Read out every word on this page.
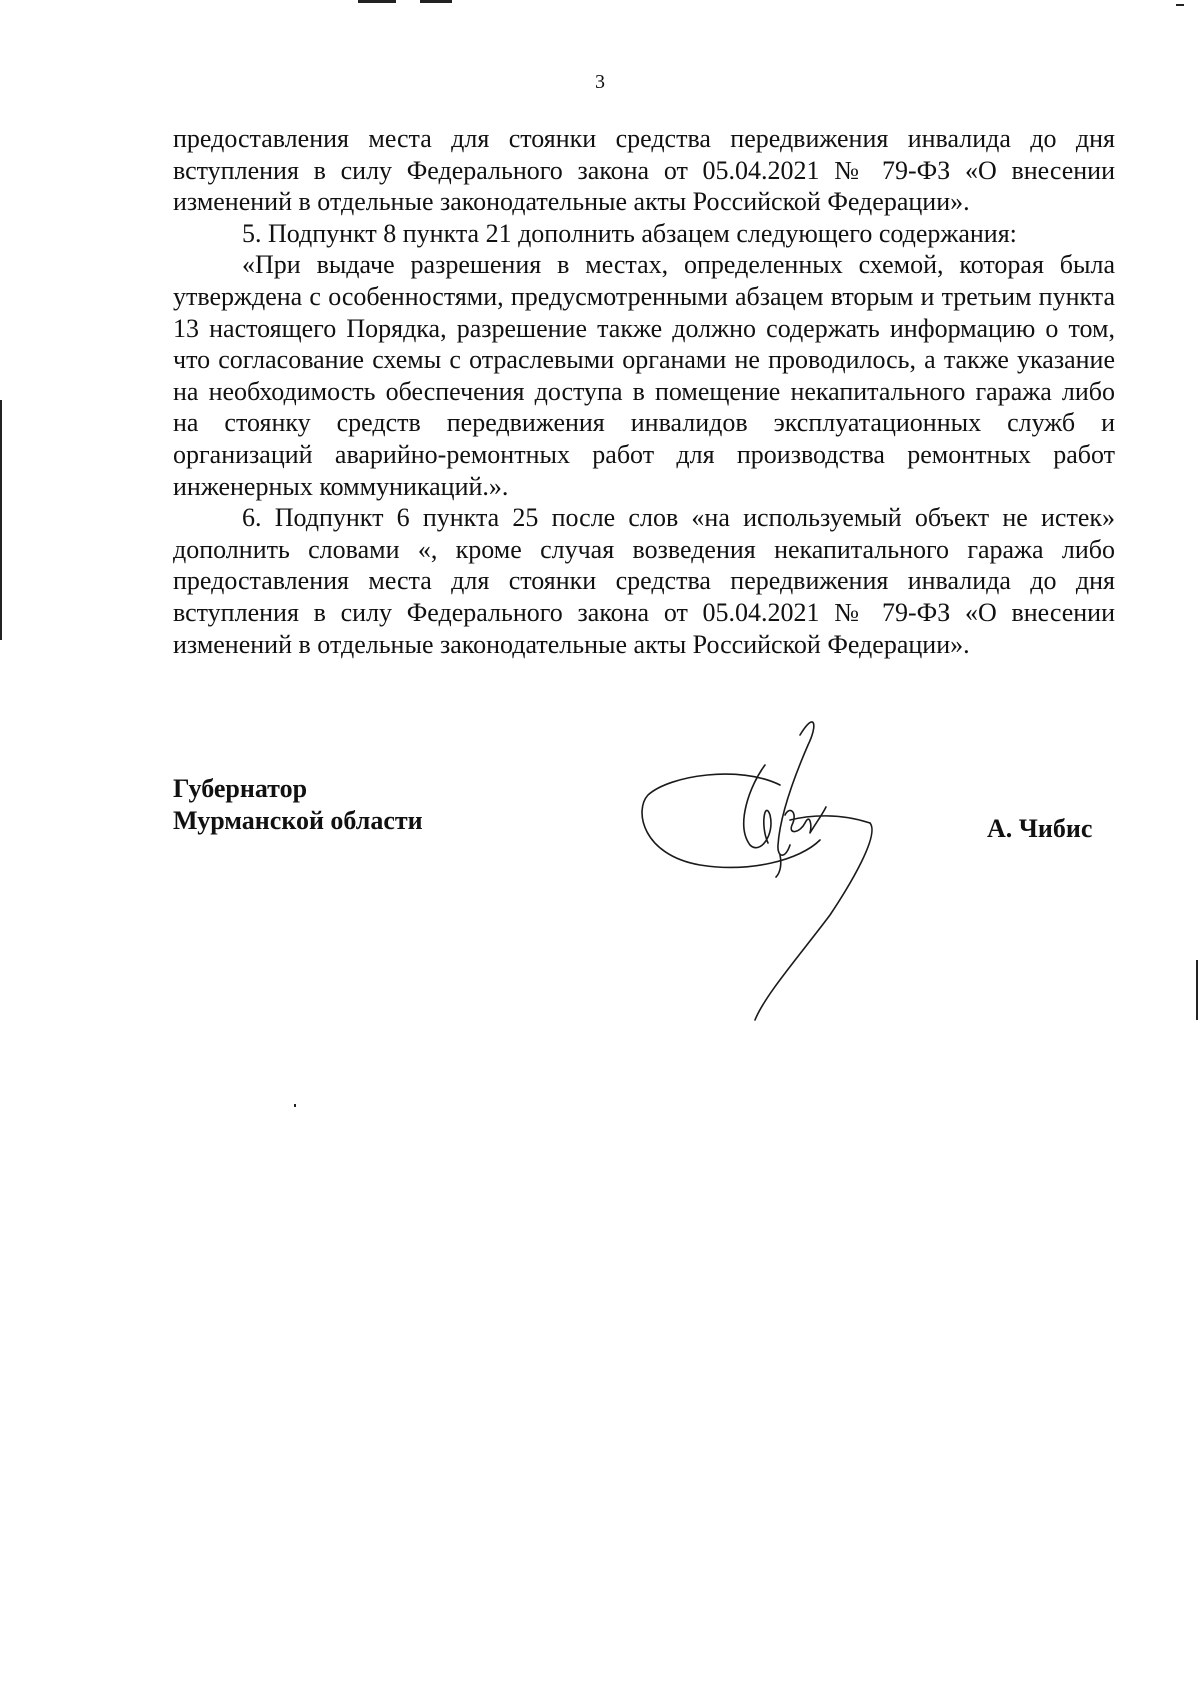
3

предоставления места для стоянки средства передвижения инвалида до дня вступления в силу Федерального закона от 05.04.2021 № 79-ФЗ «О внесении изменений в отдельные законодательные акты Российской Федерации».

5. Подпункт 8 пункта 21 дополнить абзацем следующего содержания:

«При выдаче разрешения в местах, определенных схемой, которая была утверждена с особенностями, предусмотренными абзацем вторым и третьим пункта 13 настоящего Порядка, разрешение также должно содержать информацию о том, что согласование схемы с отраслевыми органами не проводилось, а также указание на необходимость обеспечения доступа в помещение некапитального гаража либо на стоянку средств передвижения инвалидов эксплуатационных служб и организаций аварийно-ремонтных работ для производства ремонтных работ инженерных коммуникаций.».

6. Подпункт 6 пункта 25 после слов «на используемый объект не истек» дополнить словами «, кроме случая возведения некапитального гаража либо предоставления места для стоянки средства передвижения инвалида до дня вступления в силу Федерального закона от 05.04.2021 № 79-ФЗ «О внесении изменений в отдельные законодательные акты Российской Федерации».

Губернатор
Мурманской области	А. Чибис
